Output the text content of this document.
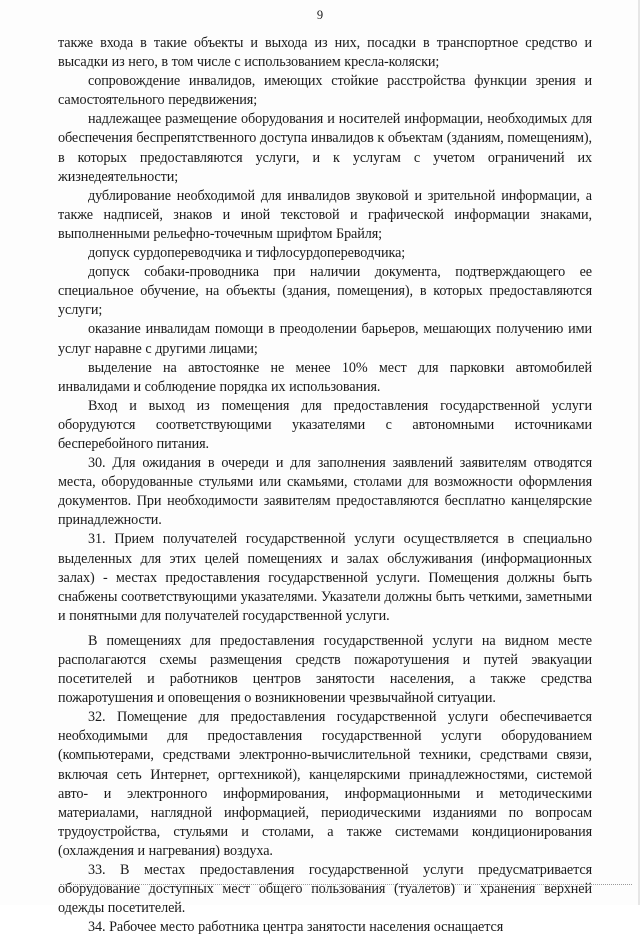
9

также входа в такие объекты и выхода из них, посадки в транспортное средство и высадки из него, в том числе с использованием кресла-коляски;

сопровождение инвалидов, имеющих стойкие расстройства функции зрения и самостоятельного передвижения;

надлежащее размещение оборудования и носителей информации, необходимых для обеспечения беспрепятственного доступа инвалидов к объектам (зданиям, помещениям), в которых предоставляются услуги, и к услугам с учетом ограничений их жизнедеятельности;

дублирование необходимой для инвалидов звуковой и зрительной информации, а также надписей, знаков и иной текстовой и графической информации знаками, выполненными рельефно-точечным шрифтом Брайля;

допуск сурдопереводчика и тифлосурдопереводчика;

допуск собаки-проводника при наличии документа, подтверждающего ее специальное обучение, на объекты (здания, помещения), в которых предоставляются услуги;

оказание инвалидам помощи в преодолении барьеров, мешающих получению ими услуг наравне с другими лицами;

выделение на автостоянке не менее 10% мест для парковки автомобилей инвалидами и соблюдение порядка их использования.

Вход и выход из помещения для предоставления государственной услуги оборудуются соответствующими указателями с автономными источниками бесперебойного питания.

30. Для ожидания в очереди и для заполнения заявлений заявителям отводятся места, оборудованные стульями или скамьями, столами для возможности оформления документов. При необходимости заявителям предоставляются бесплатно канцелярские принадлежности.

31. Прием получателей государственной услуги осуществляется в специально выделенных для этих целей помещениях и залах обслуживания (информационных залах) - местах предоставления государственной услуги. Помещения должны быть снабжены соответствующими указателями. Указатели должны быть четкими, заметными и понятными для получателей государственной услуги.

В помещениях для предоставления государственной услуги на видном месте располагаются схемы размещения средств пожаротушения и путей эвакуации посетителей и работников центров занятости населения, а также средства пожаротушения и оповещения о возникновении чрезвычайной ситуации.

32. Помещение для предоставления государственной услуги обеспечивается необходимыми для предоставления государственной услуги оборудованием (компьютерами, средствами электронно-вычислительной техники, средствами связи, включая сеть Интернет, оргтехникой), канцелярскими принадлежностями, системой авто- и электронного информирования, информационными и методическими материалами, наглядной информацией, периодическими изданиями по вопросам трудоустройства, стульями и столами, а также системами кондиционирования (охлаждения и нагревания) воздуха.

33. В местах предоставления государственной услуги предусматривается оборудование доступных мест общего пользования (туалетов) и хранения верхней одежды посетителей.

34. Рабочее место работника центра занятости населения оснащается
